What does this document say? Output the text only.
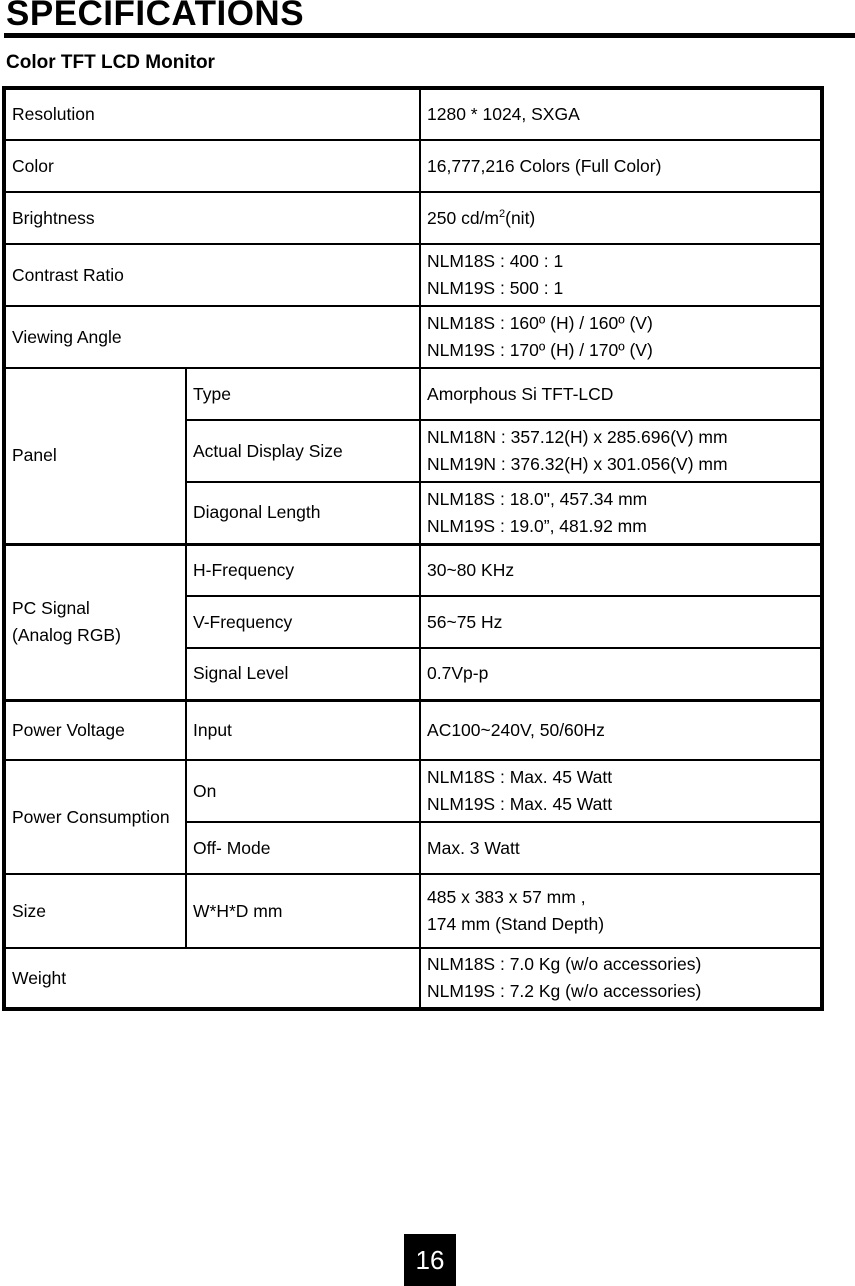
SPECIFICATIONS
Color TFT LCD Monitor
Resolution		1280 * 1024, SXGA
Color		16,777,216 Colors (Full Color)
Brightness		250 $cd/m^2(nit)$
Contrast Ratio		NLM18S : 400 : 1
NLM19S : 500 : 1

Viewing Angle		NLM18S : 160º (H) / 160º (V)
NLM19S : 170º (H) / 170º (V)

Panel	Type	Amorphous Si TFT-LCD
	Actual Display Size	NLM18N : 357.12(H) x 285.696(V) mm
NLM19N : 376.32(H) x 301.056(V) mm

	Diagonal Length	NLM18S : 18.0", 457.34 mm
NLM19S : 19.0”, 481.92 mm

PC Signal
(Analog RGB)	H-Frequency	30~80 KHz
	V-Frequency	56~75 Hz
	Signal Level	0.7Vp-p
Power Voltage	Input	AC100~240V, 50/60Hz
Power Consumption	On	NLM18S : Max. 45 Watt
NLM19S : Max. 45 Watt

	Off- Mode	Max. 3 Watt
Size	W*H*D mm	485 x 383 x 57 mm ,
174 mm (Stand Depth)

Weight		NLM18S : 7.0 Kg (w/o accessories)
NLM19S : 7.2 Kg (w/o accessories)
16
